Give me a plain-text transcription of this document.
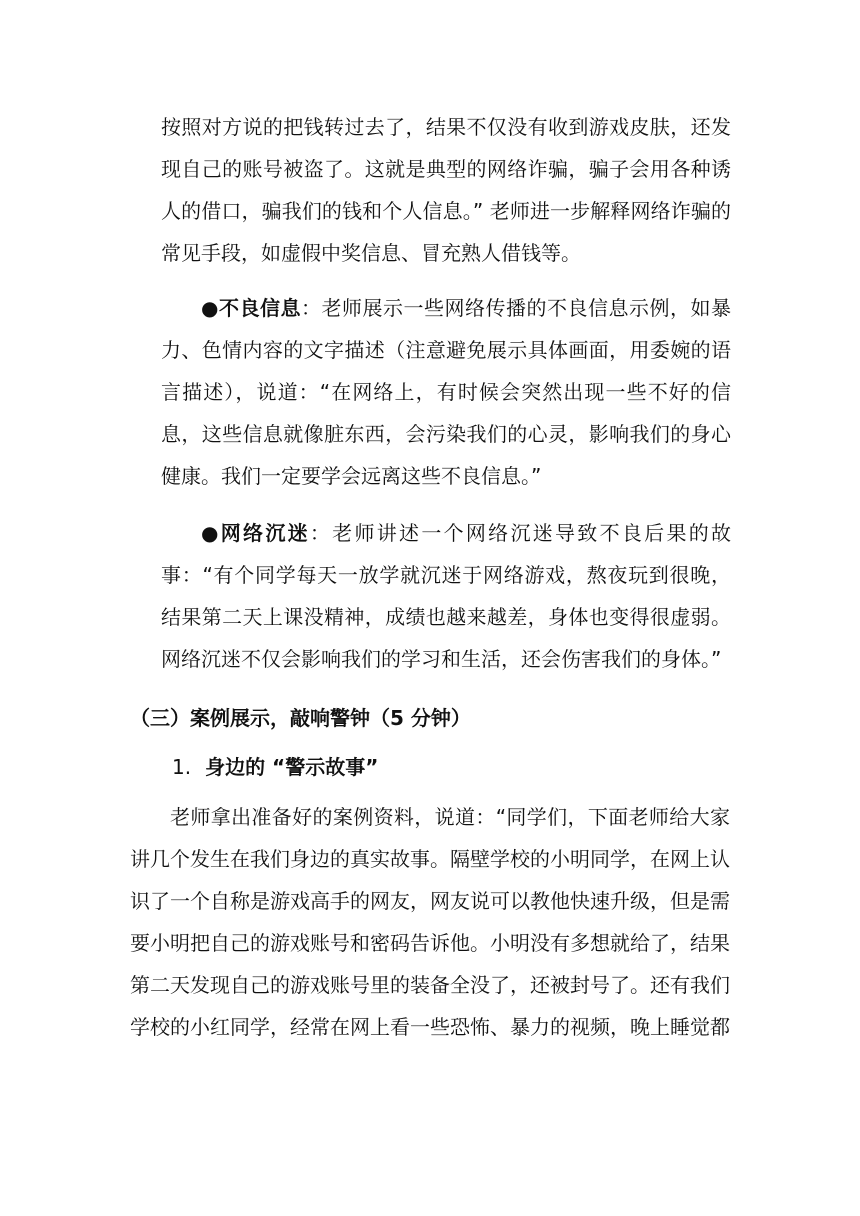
按照对方说的把钱转过去了，结果不仅没有收到游戏皮肤，还发现自己的账号被盗了。这就是典型的网络诈骗，骗子会用各种诱人的借口，骗我们的钱和个人信息。” 老师进一步解释网络诈骗的常见手段，如虚假中奖信息、冒充熟人借钱等。

●不良信息：老师展示一些网络传播的不良信息示例，如暴力、色情内容的文字描述（注意避免展示具体画面，用委婉的语言描述），说道：“在网络上，有时候会突然出现一些不好的信息，这些信息就像脏东西，会污染我们的心灵，影响我们的身心健康。我们一定要学会远离这些不良信息。”

●网络沉迷：老师讲述一个网络沉迷导致不良后果的故事：“有个同学每天一放学就沉迷于网络游戏，熬夜玩到很晚，结果第二天上课没精神，成绩也越来越差，身体也变得很虚弱。网络沉迷不仅会影响我们的学习和生活，还会伤害我们的身体。”

（三）案例展示，敲响警钟（5 分钟）

1. 身边的 “警示故事”

老师拿出准备好的案例资料，说道：“同学们，下面老师给大家讲几个发生在我们身边的真实故事。隔壁学校的小明同学，在网上认识了一个自称是游戏高手的网友，网友说可以教他快速升级，但是需要小明把自己的游戏账号和密码告诉他。小明没有多想就给了，结果第二天发现自己的游戏账号里的装备全没了，还被封号了。还有我们学校的小红同学，经常在网上看一些恐怖、暴力的视频，晚上睡觉都
